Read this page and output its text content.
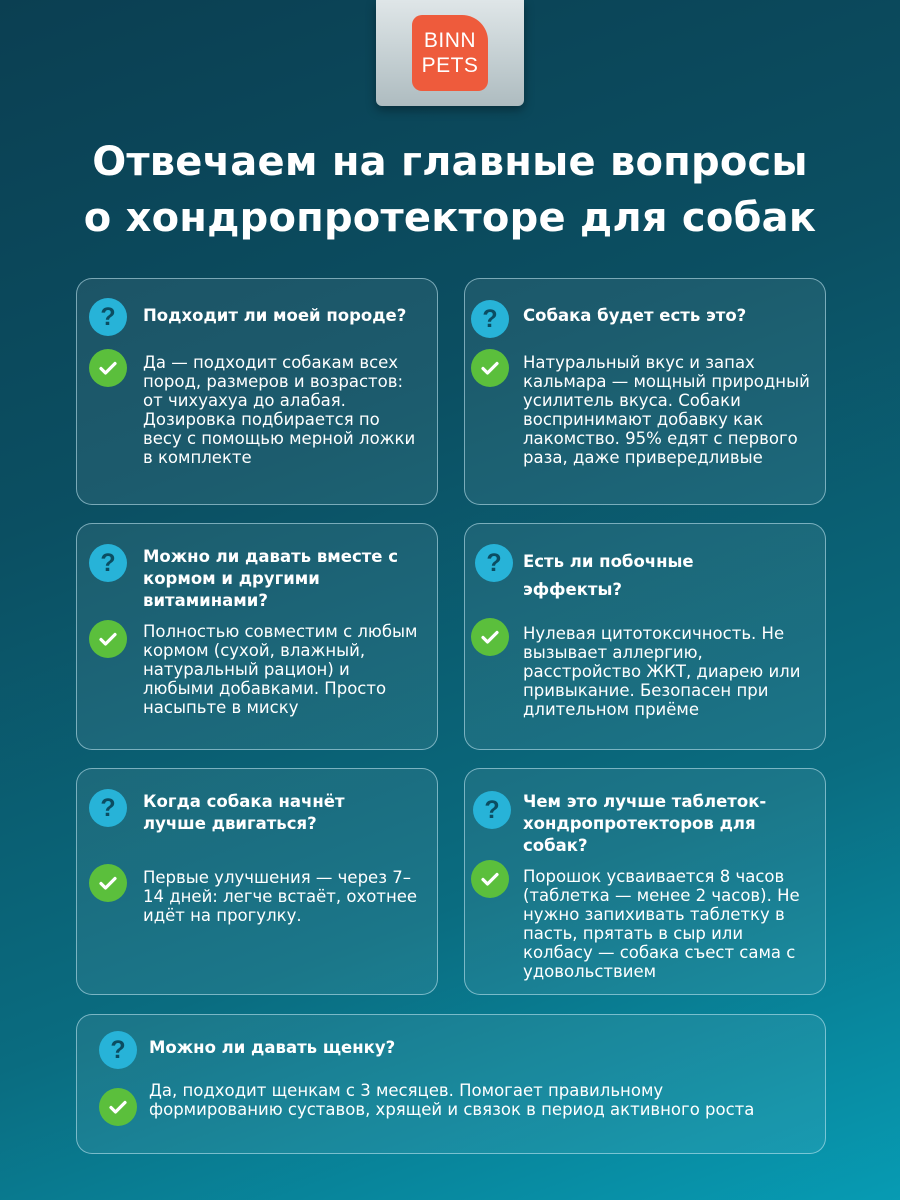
BINN
PETS
Отвечаем на главные вопросы
о хондропротекторе для собак
? Подходит ли моей породе?
Да — подходит собакам всех пород, размеров и возрастов: от чихуахуа до алабая. Дозировка подбирается по весу с помощью мерной ложки в комплекте
? Собака будет есть это?
Натуральный вкус и запах кальмара — мощный природный усилитель вкуса. Собаки воспринимают добавку как лакомство. 95% едят с первого раза, даже привередливые
? Можно ли давать вместе с кормом и другими витаминами?
Полностью совместим с любым кормом (сухой, влажный, натуральный рацион) и любыми добавками. Просто насыпьте в миску
? Есть ли побочные эффекты?
Нулевая цитотоксичность. Не вызывает аллергию, расстройство ЖКТ, диарею или привыкание. Безопасен при длительном приёме
? Когда собака начнёт лучше двигаться?
Первые улучшения — через 7–14 дней: легче встаёт, охотнее идёт на прогулку.
? Чем это лучше таблеток-хондропротекторов для собак?
Порошок усваивается 8 часов (таблетка — менее 2 часов). Не нужно запихивать таблетку в пасть, прятать в сыр или колбасу — собака съест сама с удовольствием
? Можно ли давать щенку?
Да, подходит щенкам с 3 месяцев. Помогает правильному формированию суставов, хрящей и связок в период активного роста
